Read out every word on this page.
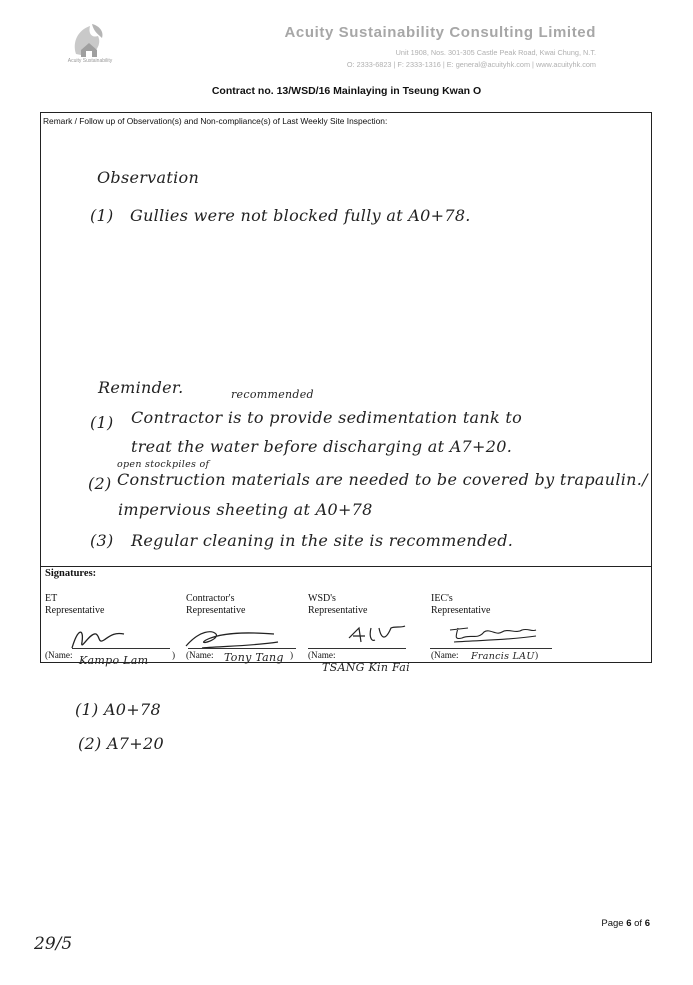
Acuity Sustainability
Acuity Sustainability Consulting Limited
Unit 1908, Nos. 301-305 Castle Peak Road, Kwai Chung, N.T.
O: 2333-6823 | F: 2333-1316 | E: general@acuityhk.com | www.acuityhk.com
Contract no. 13/WSD/16 Mainlaying in Tseung Kwan O
Remark / Follow up of Observation(s) and Non-compliance(s) of Last Weekly Site Inspection:
Observation
(1) Gullies were not blocked fully at A0+78.
Reminder.	recommended
(1) Contractor is to provide sedimentation tank to
treat the water before discharging at A7+20.
open stockpiles of
(2) Construction materials are needed to be covered by trapaulin./
impervious sheeting at A0+78
(3) Regular cleaning in the site is recommended.
Signatures:
ET
Representative
Contractor's
Representative
WSD's
Representative
IEC's
Representative
(Name: Kampo Lam	) (Name: Tony Tang ) (Name:
TSANG Kin Fai
(Name: Francis LAU )
(1) A0+78
(2) A7+20
Page 6 of 6
29/5
